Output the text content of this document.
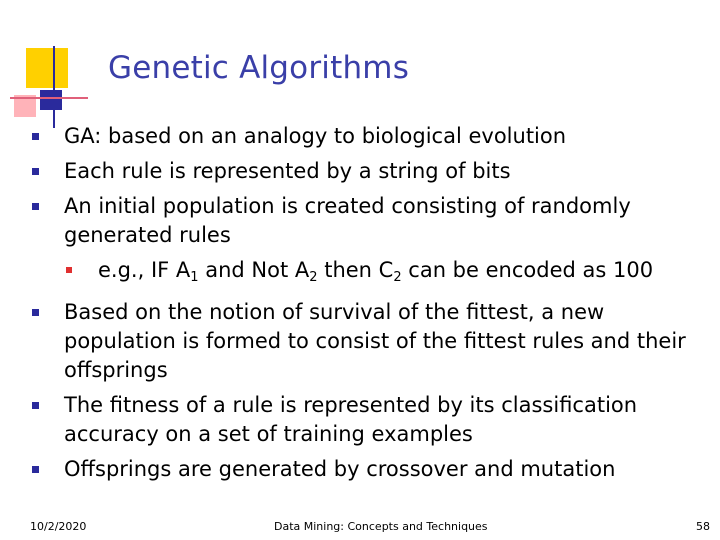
Genetic Algorithms
GA: based on an analogy to biological evolution
Each rule is represented by a string of bits
An initial population is created consisting of randomly generated rules
e.g., IF $A_1$ and Not $A_2$ then $C_2$ can be encoded as 100
Based on the notion of survival of the fittest, a new population is formed to consist of the fittest rules and their offsprings
The fitness of a rule is represented by its classification accuracy on a set of training examples
Offsprings are generated by crossover and mutation
10/2/2020	Data Mining: Concepts and Techniques	58
